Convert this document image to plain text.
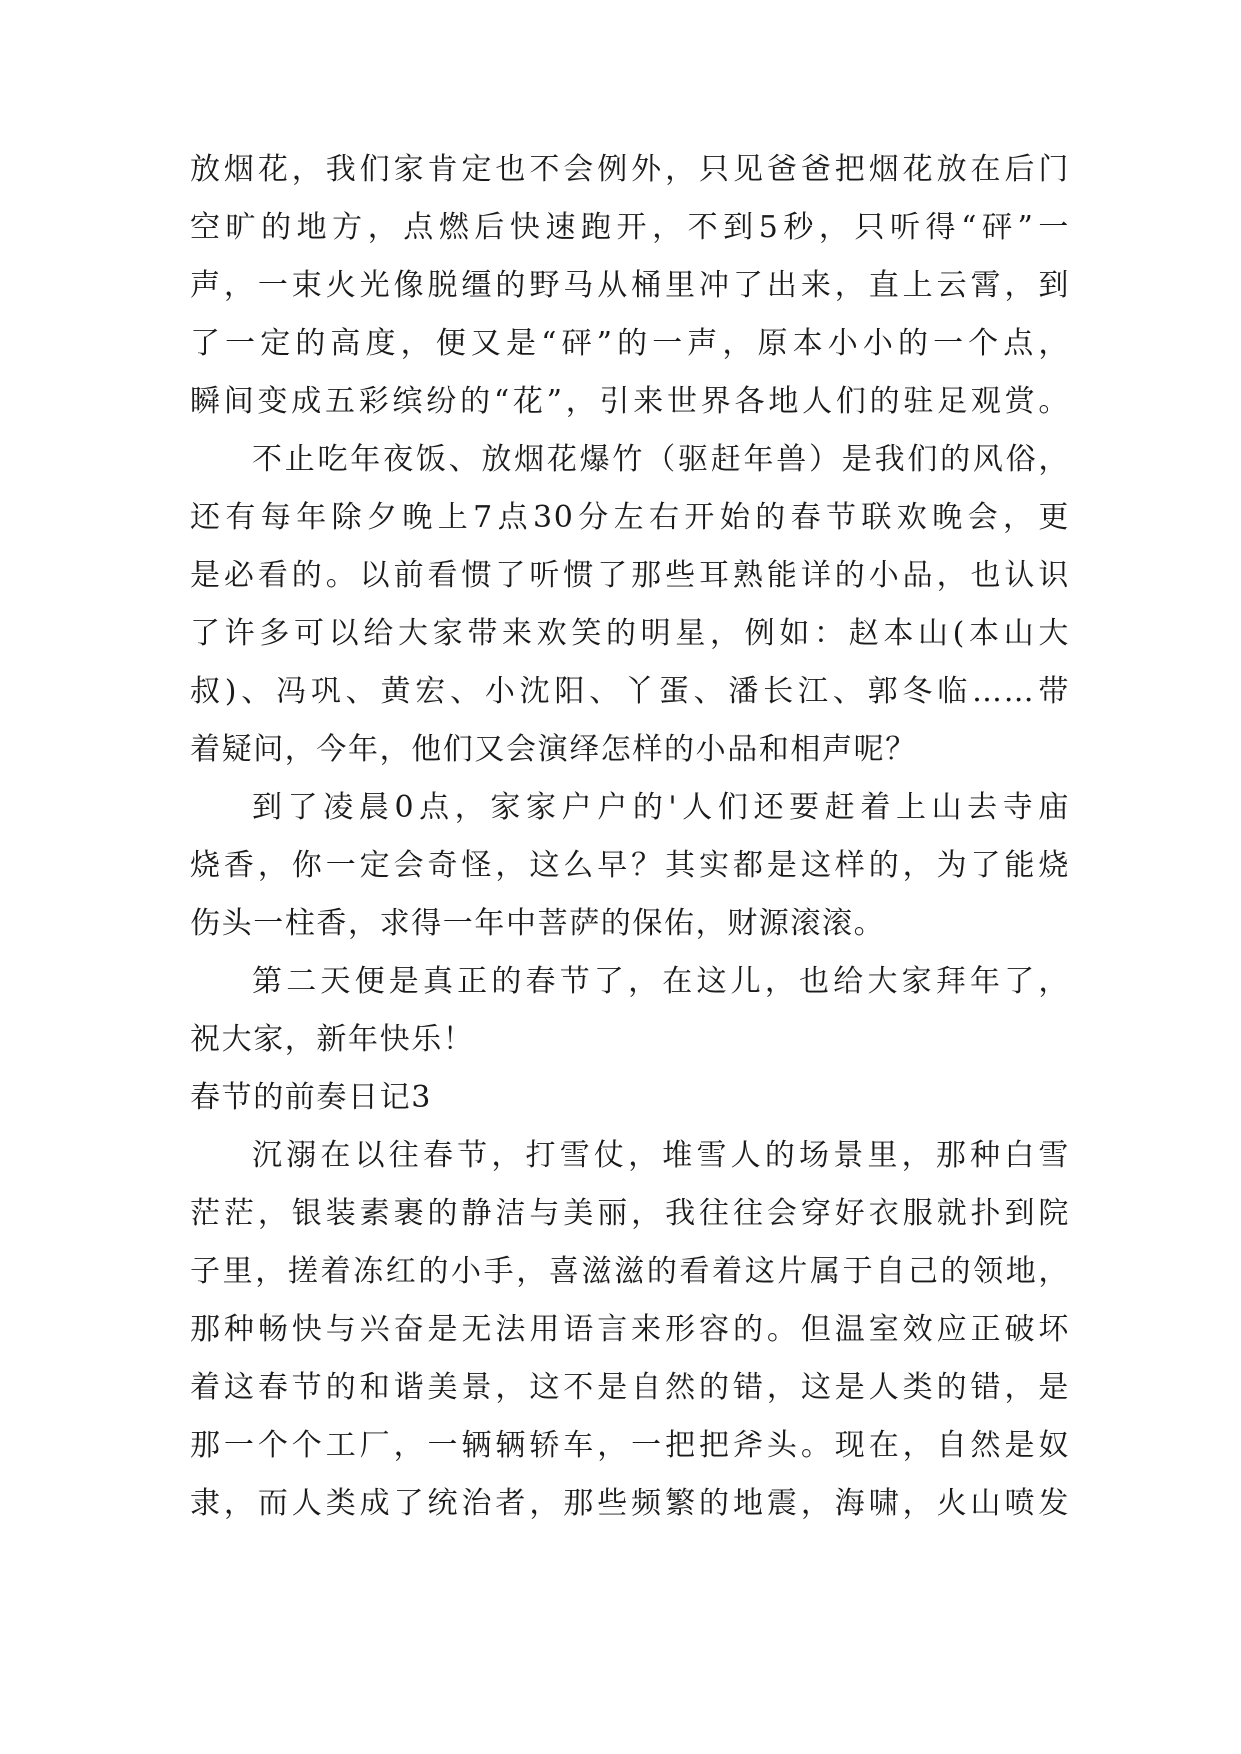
放烟花，我们家肯定也不会例外，只见爸爸把烟花放在后门
空旷的地方，点燃后快速跑开，不到5秒，只听得“砰”一
声，一束火光像脱缰的野马从桶里冲了出来，直上云霄，到
了一定的高度，便又是“砰”的一声，原本小小的一个点，
瞬间变成五彩缤纷的“花”，引来世界各地人们的驻足观赏。
不止吃年夜饭、放烟花爆竹（驱赶年兽）是我们的风俗，
还有每年除夕晚上7点30分左右开始的春节联欢晚会，更
是必看的。以前看惯了听惯了那些耳熟能详的小品，也认识
了许多可以给大家带来欢笑的明星，例如：赵本山(本山大
叔)、冯巩、黄宏、小沈阳、丫蛋、潘长江、郭冬临……带
着疑问，今年，他们又会演绎怎样的小品和相声呢？
到了凌晨0点，家家户户的'人们还要赶着上山去寺庙
烧香，你一定会奇怪，这么早？其实都是这样的，为了能烧
伤头一柱香，求得一年中菩萨的保佑，财源滚滚。
第二天便是真正的春节了，在这儿，也给大家拜年了，
祝大家，新年快乐！
春节的前奏日记3
沉溺在以往春节，打雪仗，堆雪人的场景里，那种白雪
茫茫，银装素裹的静洁与美丽，我往往会穿好衣服就扑到院
子里，搓着冻红的小手，喜滋滋的看着这片属于自己的领地，
那种畅快与兴奋是无法用语言来形容的。但温室效应正破坏
着这春节的和谐美景，这不是自然的错，这是人类的错，是
那一个个工厂，一辆辆轿车，一把把斧头。现在，自然是奴
隶，而人类成了统治者，那些频繁的地震，海啸，火山喷发
